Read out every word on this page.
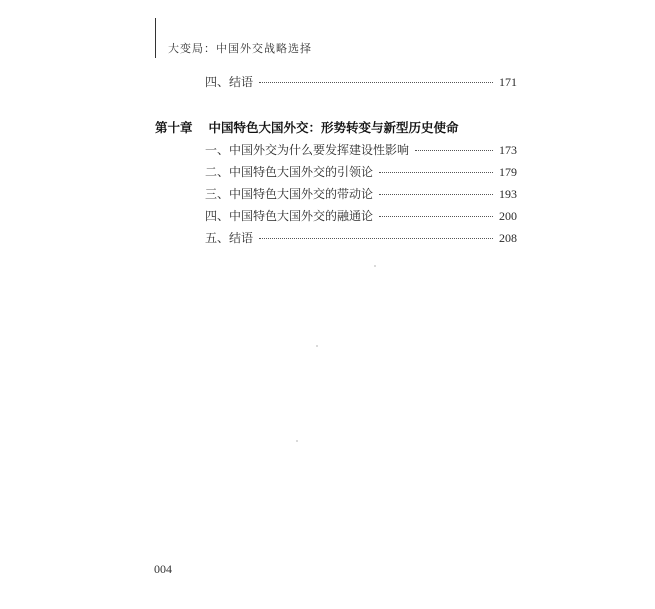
大变局：中国外交战略选择
四、结语	171
第十章 中国特色大国外交：形势转变与新型历史使命
一、中国外交为什么要发挥建设性影响	173
二、中国特色大国外交的引领论	179
三、中国特色大国外交的带动论	193
四、中国特色大国外交的融通论	200
五、结语	208
004
